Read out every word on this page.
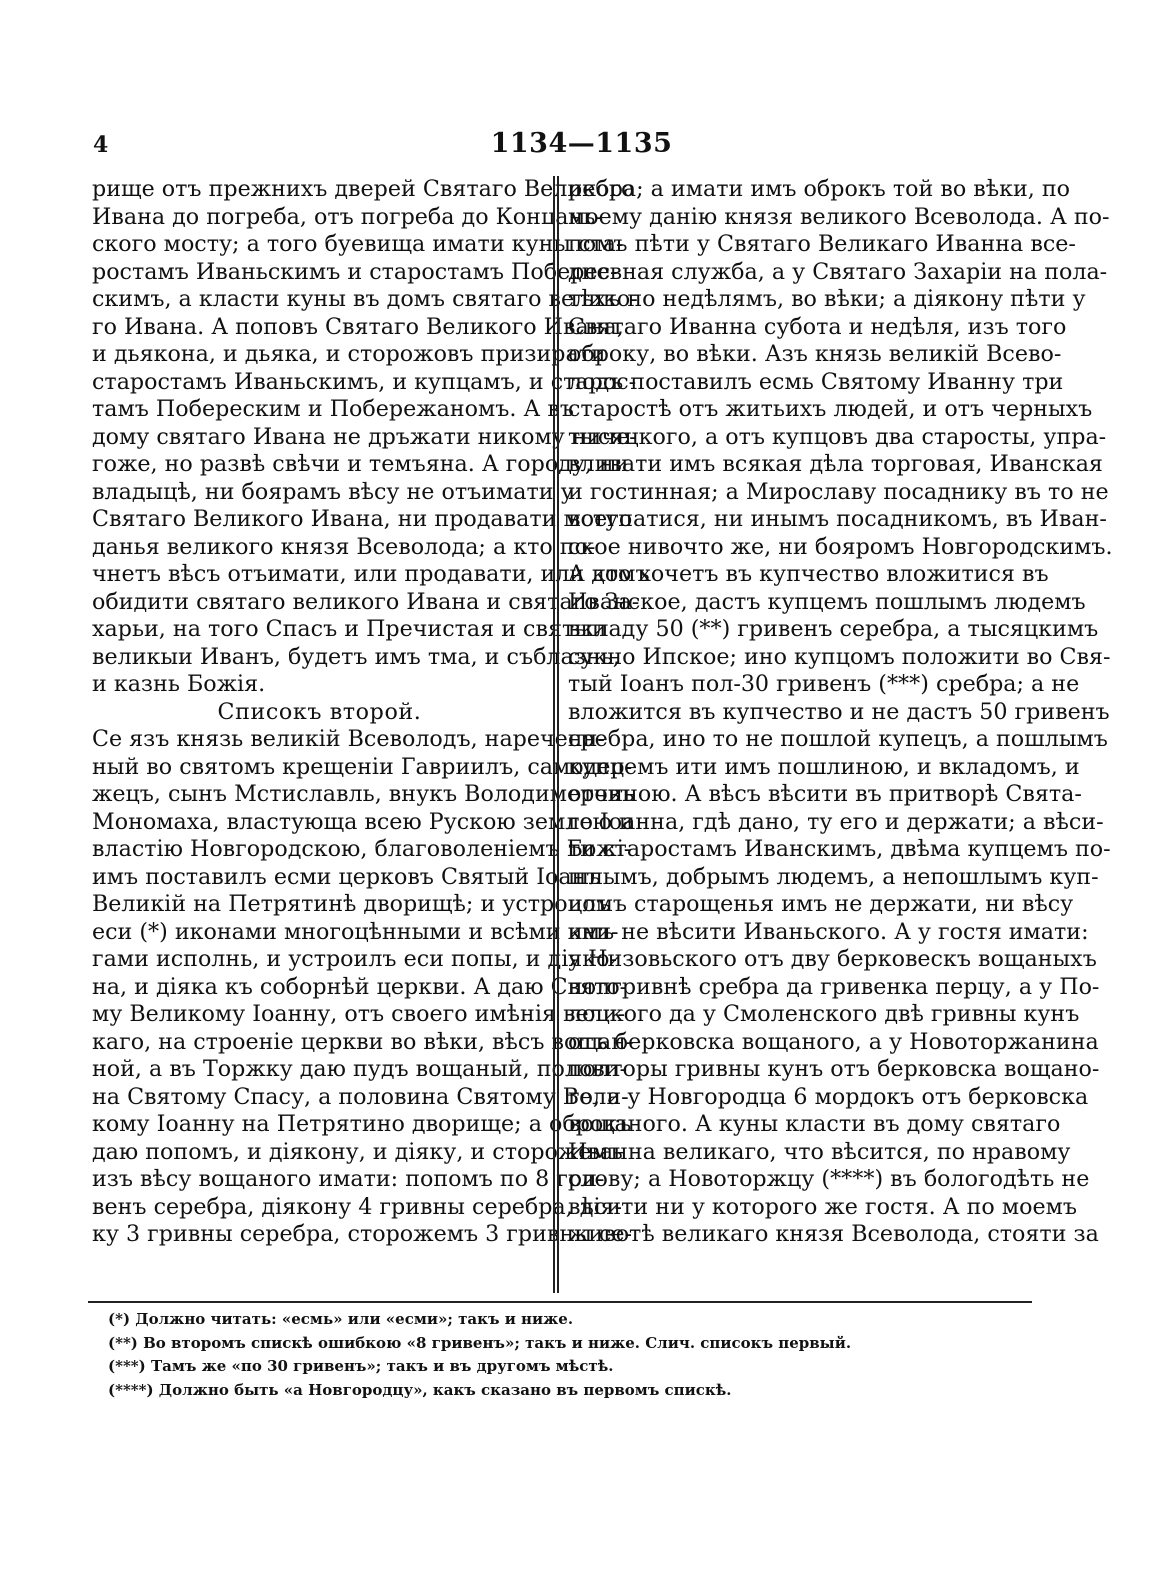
4	1134—1135
рище отъ прежнихъ дверей Святаго Великого
Ивана до погреба, отъ погреба до Концань-
ского мосту; а того буевища имати куны ста-
ростамъ Иваньскимъ и старостамъ Поберес-
скимъ, а класти куны въ домъ святаго велико-
го Ивана. А поповъ Святаго Великого Ивана,
и дьякона, и дьяка, и сторожовъ призирати
старостамъ Иваньскимъ, и купцамъ, и старос-
тамъ Побереским и Побережаномъ. А въ
дому святаго Ивана не дръжати никому ниче-
гоже, но развѣ свѣчи и темъяна. А городу, ни
владыцѣ, ни боярамъ вѣсу не отъимати у
Святаго Великого Ивана, ни продавати моего
данья великого князя Всеволода; а кто по-
чнетъ вѣсъ отъимати, или продавати, или домъ
обидити святаго великого Ивана и святаго За-
харьи, на того Спасъ и Пречистая и святыи
великыи Иванъ, будетъ имъ тма, и съблазнь,
и казнь Божія.
Списокъ второй.
Се язъ князь великій Всеволодъ, нареченн-
ный во святомъ крещеніи Гавриилъ, самодер-
жецъ, сынъ Мстиславль, внукъ Володимеровъ
Мономаха, властующа всею Рускою землею и
властію Новгородскою, благоволеніемъ Божі-
имъ поставилъ есми церковъ Святый Іоанъ
Великій на Петрятинѣ дворищѣ; и устроилъ
еси (*) иконами многоцѣнными и всѣми кни-
гами исполнь, и устроилъ еси попы, и діяко-
на, и діяка къ соборнѣй церкви. А даю Свято-
му Великому Іоанну, отъ своего имѣнія вели-
каго, на строеніе церкви во вѣки, вѣсъ вощан-
ной, а въ Торжку даю пудъ вощаный, полови-
на Святому Спасу, а половина Святому Вели-
кому Іоанну на Петрятино дворище; а оброкъ
даю попомъ, и діякону, и діяку, и сторожемъ
изъ вѣсу вощаного имати: попомъ по 8 гри-
венъ серебра, діякону 4 гривны серебра, дія-
ку 3 гривны серебра, сторожемъ 3 гривны се-
ребра; а имати имъ оброкъ той во вѣки, по
моему данію князя великого Всеволода. А по-
помъ пѣти у Святаго Великаго Иванна все-
дневная служба, а у Святаго Захаріи на пола-
тѣхъ по недѣлямъ, во вѣки; а діякону пѣти у
Святаго Иванна субота и недѣля, изъ того
оброку, во вѣки. Азъ князь великій Всево-
лодъ поставилъ есмь Святому Иванну три
старостѣ отъ житьихъ людей, и отъ черныхъ
тысяцкого, а отъ купцовъ два старосты, упра-
вливати имъ всякая дѣла торговая, Иванская
и гостинная; а Мирославу посаднику въ то не
вступатися, ни инымъ посадникомъ, въ Иван-
ское нивочто же, ни бояромъ Новгородскимъ.
А кто хочетъ въ купчество вложитися въ
Иванское, дастъ купцемъ пошлымъ людемъ
вкладу 50 (**) гривенъ серебра, а тысяцкимъ
сукно Ипское; ино купцомъ положити во Свя-
тый Іоанъ пол-30 гривенъ (***) сребра; а не
вложится въ купчество и не дастъ 50 гривенъ
сребра, ино то не пошлой купецъ, а пошлымъ
купцемъ ити имъ пошлиною, и вкладомъ, и
отчиною. А вѣсъ вѣсити въ притворѣ Свята-
го Іоанна, гдѣ дано, ту его и держати; а вѣси-
ти старостамъ Иванскимъ, двѣма купцемъ по-
шлымъ, добрымъ людемъ, а непошлымъ куп-
цомъ старощенья имъ не держати, ни вѣсу
имъ не вѣсити Иваньского. А у гостя имати:
у Низовьского отъ дву берковескъ вощаныхъ
полгривнѣ сребра да гривенка перцу, а у По-
лоцкого да у Смоленского двѣ гривны кунъ
отъ берковска вощаного, а у Новоторжанина
полторы гривны кунъ отъ берковска вощано-
го, а у Новгородца 6 мордокъ отъ берковска
вощаного. А куны класти въ дому святаго
Иванна великаго, что вѣсится, по нравому
слову; а Новоторжцу (****) въ бологодѣть не
вѣсити ни у которого же гостя. А по моемъ
животѣ великаго князя Всеволода, стояти за
(*) Должно читать: «есмь» или «есми»; такъ и ниже.
(**) Во второмъ спискѣ ошибкою «8 гривенъ»; такъ и ниже. Слич. списокъ первый.
(***) Тамъ же «по 30 гривенъ»; такъ и въ другомъ мѣстѣ.
(****) Должно быть «а Новгородцу», какъ сказано въ первомъ спискѣ.
